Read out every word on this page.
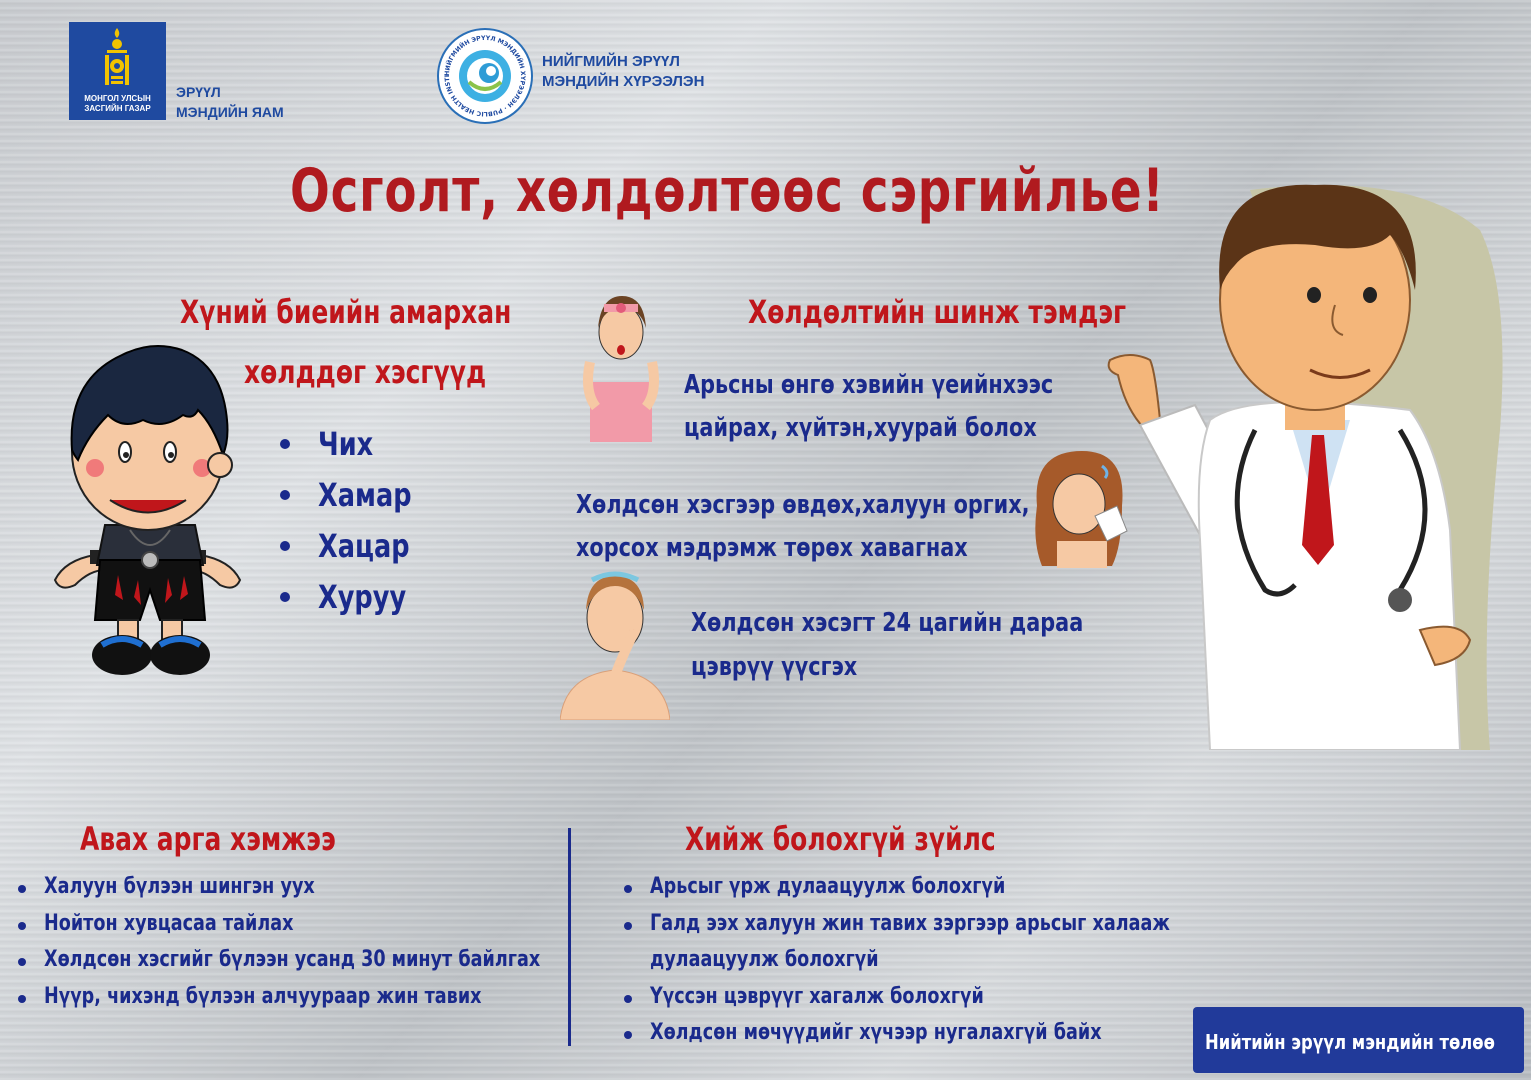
МОНГОЛ УЛСЫН ЗАСГИЙН ГАЗАР
ЭРҮҮЛ
МЭНДИЙН ЯАМ
НИЙГМИЙН ЭРҮҮЛ МЭНДИЙН ХҮРЭЭЛЭН · PUBLIC HEALTH INSTI
НИЙГМИЙН ЭРҮҮЛ
МЭНДИЙН ХҮРЭЭЛЭН
Осголт, хөлдөлтөөс сэргийлье!
Хүний биеийн амархан
хөлддөг хэсгүүд
Чих
Хамар
Хацар
Хуруу
Хөлдөлтийн шинж тэмдэг
Арьсны өнгө хэвийн үеийнхээс
цайрах, хүйтэн,хуурай болох
Хөлдсөн хэсгээр өвдөх,халуун оргих,
хорсох мэдрэмж төрөх хавагнах
Хөлдсөн хэсэгт 24 цагийн дараа
цэврүү үүсгэх
Авах арга хэмжээ
Халуун бүлээн шингэн уух
Нойтон хувцасаа тайлах
Хөлдсөн хэсгийг бүлээн усанд 30 минут байлгах
Нүүр, чихэнд бүлээн алчуураар жин тавих
Хийж болохгүй зүйлс
Арьсыг үрж дулаацуулж болохгүй
Галд ээх халуун жин тавих зэргээр арьсыг халааж
дулаацуулж болохгүй
Үүссэн цэврүүг хагалж болохгүй
Хөлдсөн мөчүүдийг хүчээр нугалахгүй байх	Нийтийн эрүүл мэндийн төлөө
